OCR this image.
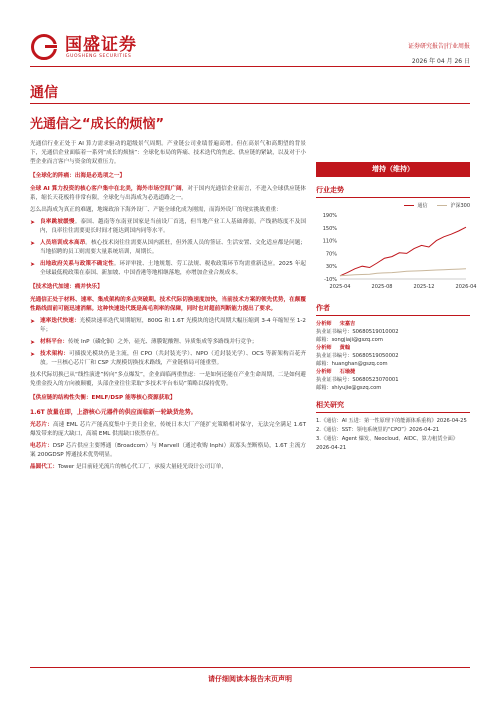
国盛证券
GUOSHENG SECURITIES
证券研究报告|行业周报
2026 年 04 月 26 日
通信
光通信之“成长的烦恼”

光通信行业正处于 AI 算力需求驱动的超级景气周期。产业链公司业绩普遍高增。但在高景气和高期望的背景下，光通信企业面临着一系列“成长的烦恼”：全球化布局的阵痛、技术迭代的焦虑、供应链的紧缺，以及对于小型企业而言客户与资金的双重压力。

【全球化的阵痛：出海是必选项之一】

全球 AI 算力投资的核心客户集中在北美，海外市场空间广阔，对于国内光通信企业而言，不进入全球供应链体系，缩长天花板将非常有限，全球化与出海成为必选道路之一。

怎么出海成为真正的难题，地缘政治下海外设厂、产能全球化成为刚需，而海外设厂的现实挑战重重：

➤ 良率跳坡缓慢。泰国、越南等东南亚国家是当前设厂首选，但当地产业工人基础薄弱，产线熟练度不及国内，良率往往需要更长时间才能达到国内同等水平。
➤ 人员培训成本高昂。核心技术岗往往需要从国内派驻，但外派人员的签证、生活安置、文化适应都是问题；当地招聘的员工则需要大量系统培训，周期长。
➤ 出地政府关系与政策不确定性。环评审批、土地规划、劳工法规、税收政策环节均需重新适应。2025 年起全球最低税政策在泰国、新加坡、中国香港等地相继落地，亦增加企业合规成本。
【技术迭代加速：痛并快乐】

光通信正处于材料、速率、集成架构的多点突破期。技术代际切换速度加快，当前技术方案的领先优势，在颠覆性路线面前可能迅速消解。这种快速迭代既是高毛利率的保障，同时也对超前判断能力提出了要求。

➤ 速率迭代快速：光模块速率迭代周期缩短，800G 和 1.6T 光模块的迭代周期大幅压缩到 3-4 年缩短至 1-2 年；
➤ 材料平台：传统 InP（磷化铟）之外，硅光、薄膜铌酸锂、异质集成等多路线并行竞争；
➤ 技术架构：可插拔光模块仍是主流，但 CPO（共封装光学）、NPO（近封装光学）、OCS 等新架构百花齐放。一旦核心芯片厂和 CSP 大规模切换技术路线，产业链格局可能重塑。

技术代际切换已从“线性演进”转向“多点爆发”，企业面临两重焦虑：一是如何还能在产业生命周期，二是如何避免重金投入的方向被颠覆，头部企业往往采取“多技术平台布局”策略以保持优势。

【供应链的结构性失衡：EMLF/DSP 能等核心资源获取】
1.6T 放量在即，上游核心元器件的供应面临新一轮缺货危势。

光芯片：高速 EML 芯片产能高度集中于美日企业，传统日本大厂产能扩充策略相对保守，无法完全满足 1.6T 爆发带来的庞大缺口，高端 EML 供需缺口依然存在。

电芯片：DSP 芯片供应主要博通（Broadcom）与 Marvell（通过收购 Inphi）双寡头垄断格局，1.6T 主流方案 200GDSP 博通技术优势明显。

晶圆代工：Tower 是目前硅光流片的核心代工厂，承接大量硅光设计公司订单，

增持（维持）
行业走势
通信	沪深300
190%
150%
110%
70%
30%
-10%
2025-04	2025-08	2025-12	2026-04
作者
分析师 宋嘉吉
执业证书编号：S0680519010002
邮箱：songjiaji@gszq.com
分析师 黄翰
执业证书编号：S0680519050002
邮箱：huanghan@gszq.com
分析师 石瑜捷
执业证书编号：S0680523070001
邮箱：shiyujie@gszq.com
相关研究
1.《通信：AI 五进：第一性原理下的能源体系重构》2026-04-25
2.《通信：SST：领电系统里的“CPO”》2026-04-21
3.《通信：Agent 爆发、Neocloud、AIDC、算力租赁全面》2026-04-21
请仔细阅读本报告末页声明
